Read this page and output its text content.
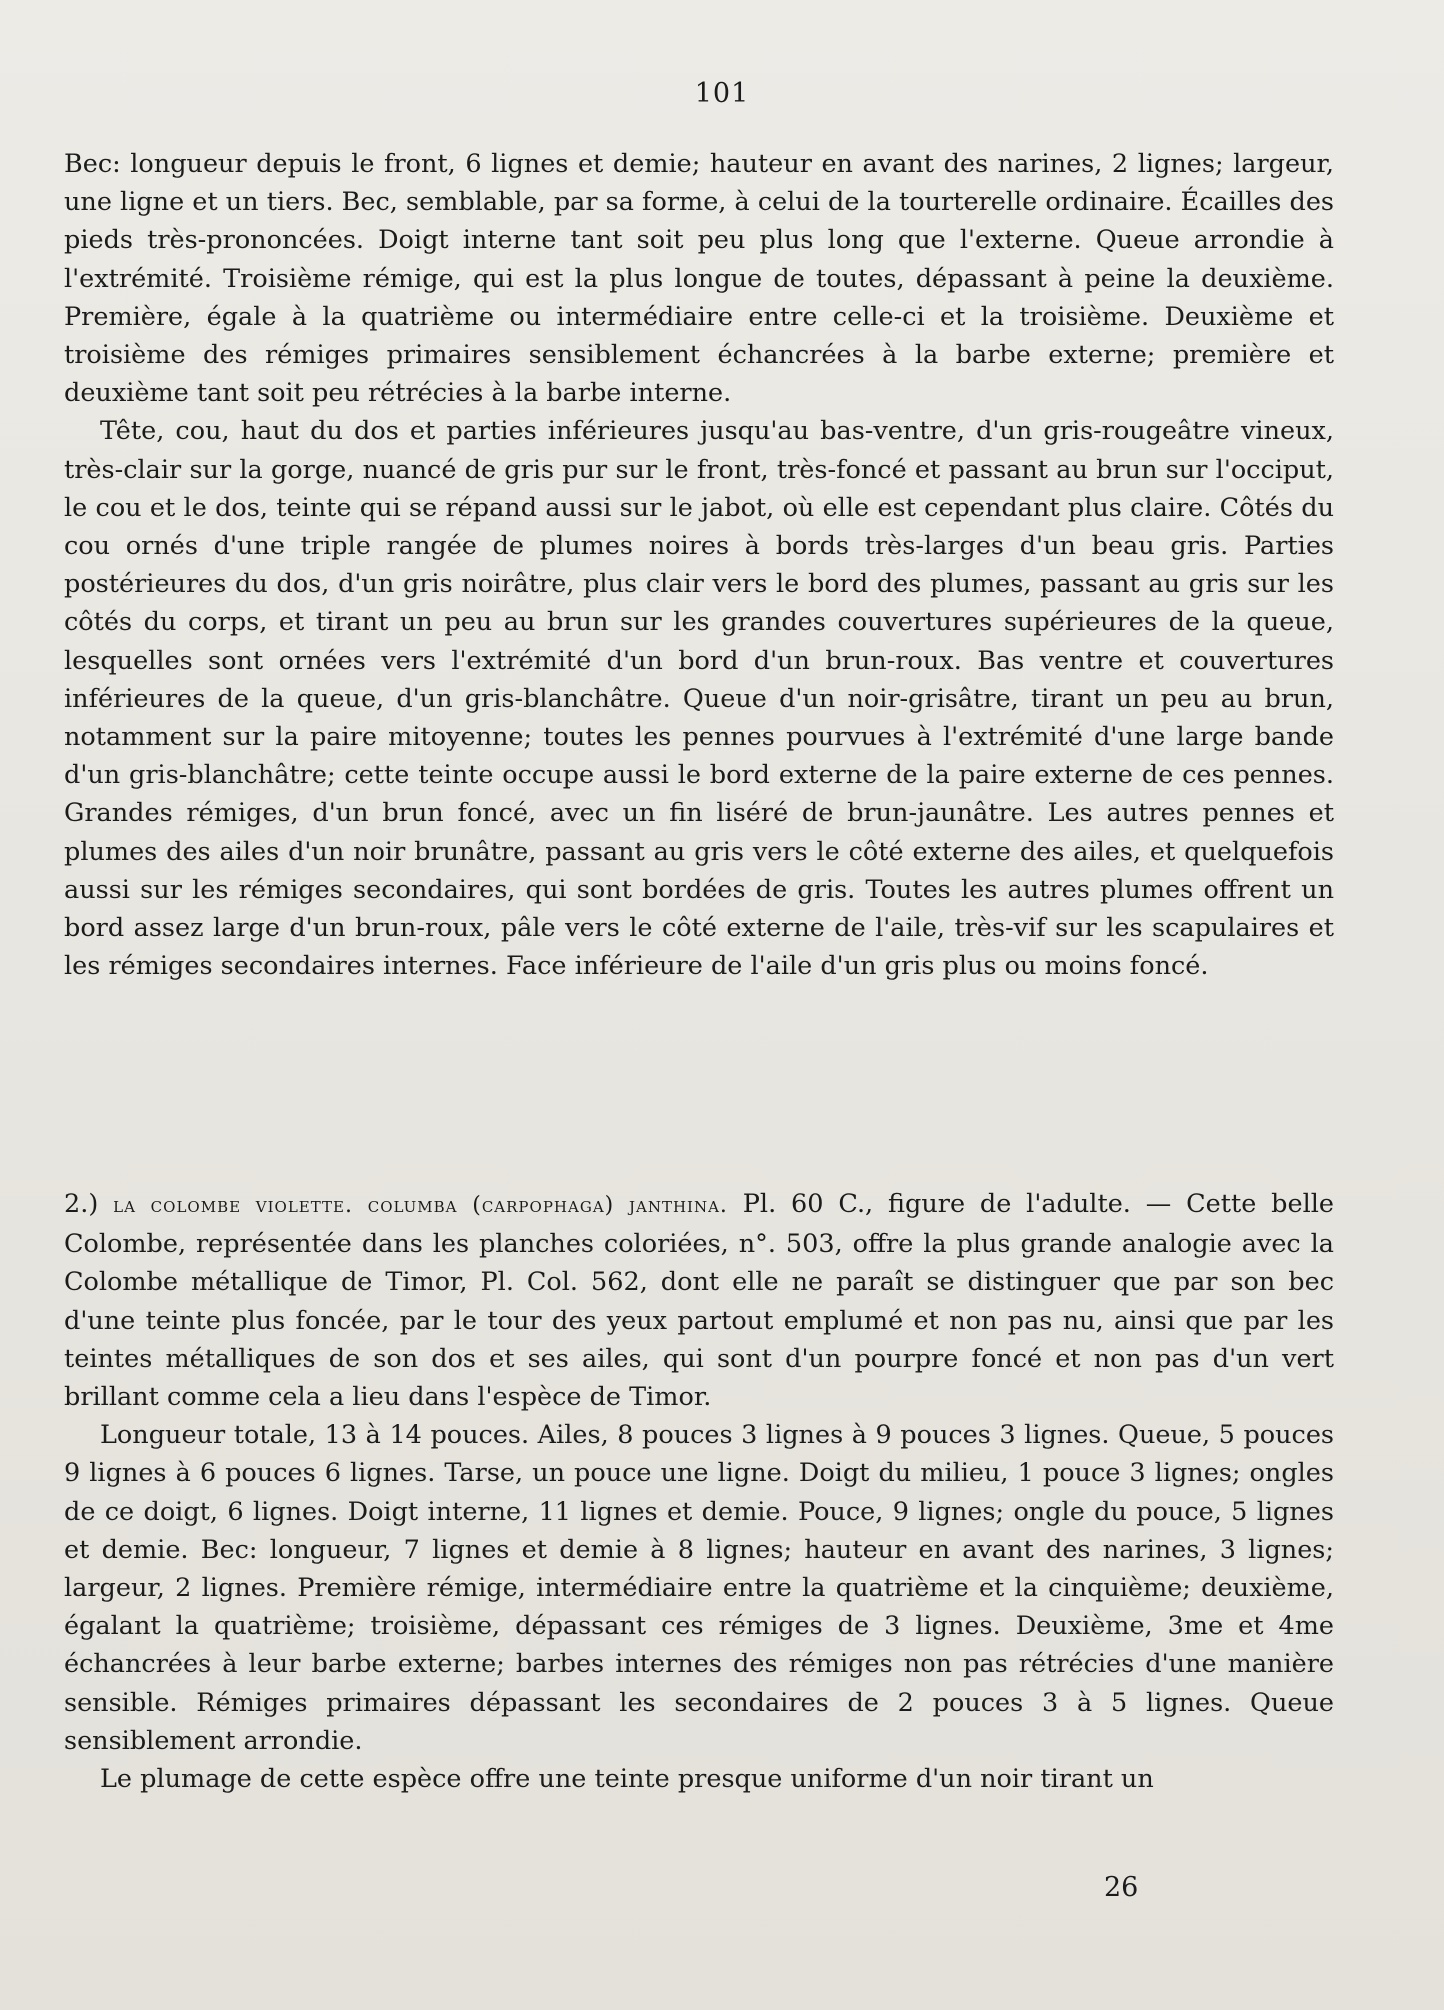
101

Bec: longueur depuis le front, 6 lignes et demie; hauteur en avant des narines, 2 lignes; largeur, une ligne et un tiers. Bec, semblable, par sa forme, à celui de la tourterelle ordinaire. Écailles des pieds très-prononcées. Doigt interne tant soit peu plus long que l'externe. Queue arrondie à l'extrémité. Troisième rémige, qui est la plus longue de toutes, dépassant à peine la deuxième. Première, égale à la quatrième ou intermédiaire entre celle-ci et la troisième. Deuxième et troisième des rémiges primaires sensiblement échancrées à la barbe externe; première et deuxième tant soit peu rétrécies à la barbe interne.

Tête, cou, haut du dos et parties inférieures jusqu'au bas-ventre, d'un gris-rougeâtre vineux, très-clair sur la gorge, nuancé de gris pur sur le front, très-foncé et passant au brun sur l'occiput, le cou et le dos, teinte qui se répand aussi sur le jabot, où elle est cependant plus claire. Côtés du cou ornés d'une triple rangée de plumes noires à bords très-larges d'un beau gris. Parties postérieures du dos, d'un gris noirâtre, plus clair vers le bord des plumes, passant au gris sur les côtés du corps, et tirant un peu au brun sur les grandes couvertures supérieures de la queue, lesquelles sont ornées vers l'extrémité d'un bord d'un brun-roux. Bas ventre et couvertures inférieures de la queue, d'un gris-blanchâtre. Queue d'un noir-grisâtre, tirant un peu au brun, notamment sur la paire mitoyenne; toutes les pennes pourvues à l'extrémité d'une large bande d'un gris-blanchâtre; cette teinte occupe aussi le bord externe de la paire externe de ces pennes. Grandes rémiges, d'un brun foncé, avec un fin liséré de brun-jaunâtre. Les autres pennes et plumes des ailes d'un noir brunâtre, passant au gris vers le côté externe des ailes, et quelquefois aussi sur les rémiges secondaires, qui sont bordées de gris. Toutes les autres plumes offrent un bord assez large d'un brun-roux, pâle vers le côté externe de l'aile, très-vif sur les scapulaires et les rémiges secondaires internes. Face inférieure de l'aile d'un gris plus ou moins foncé.

2.) la colombe violette. columba (carpophaga) janthina. Pl. 60 C., figure de l'adulte. — Cette belle Colombe, représentée dans les planches coloriées, n°. 503, offre la plus grande analogie avec la Colombe métallique de Timor, Pl. Col. 562, dont elle ne paraît se distinguer que par son bec d'une teinte plus foncée, par le tour des yeux partout emplumé et non pas nu, ainsi que par les teintes métalliques de son dos et ses ailes, qui sont d'un pourpre foncé et non pas d'un vert brillant comme cela a lieu dans l'espèce de Timor.

Longueur totale, 13 à 14 pouces. Ailes, 8 pouces 3 lignes à 9 pouces 3 lignes. Queue, 5 pouces 9 lignes à 6 pouces 6 lignes. Tarse, un pouce une ligne. Doigt du milieu, 1 pouce 3 lignes; ongles de ce doigt, 6 lignes. Doigt interne, 11 lignes et demie. Pouce, 9 lignes; ongle du pouce, 5 lignes et demie. Bec: longueur, 7 lignes et demie à 8 lignes; hauteur en avant des narines, 3 lignes; largeur, 2 lignes. Première rémige, intermédiaire entre la quatrième et la cinquième; deuxième, égalant la quatrième; troisième, dépassant ces rémiges de 3 lignes. Deuxième, 3me et 4me échancrées à leur barbe externe; barbes internes des rémiges non pas rétrécies d'une manière sensible. Rémiges primaires dépassant les secondaires de 2 pouces 3 à 5 lignes. Queue sensiblement arrondie.

Le plumage de cette espèce offre une teinte presque uniforme d'un noir tirant un

26
